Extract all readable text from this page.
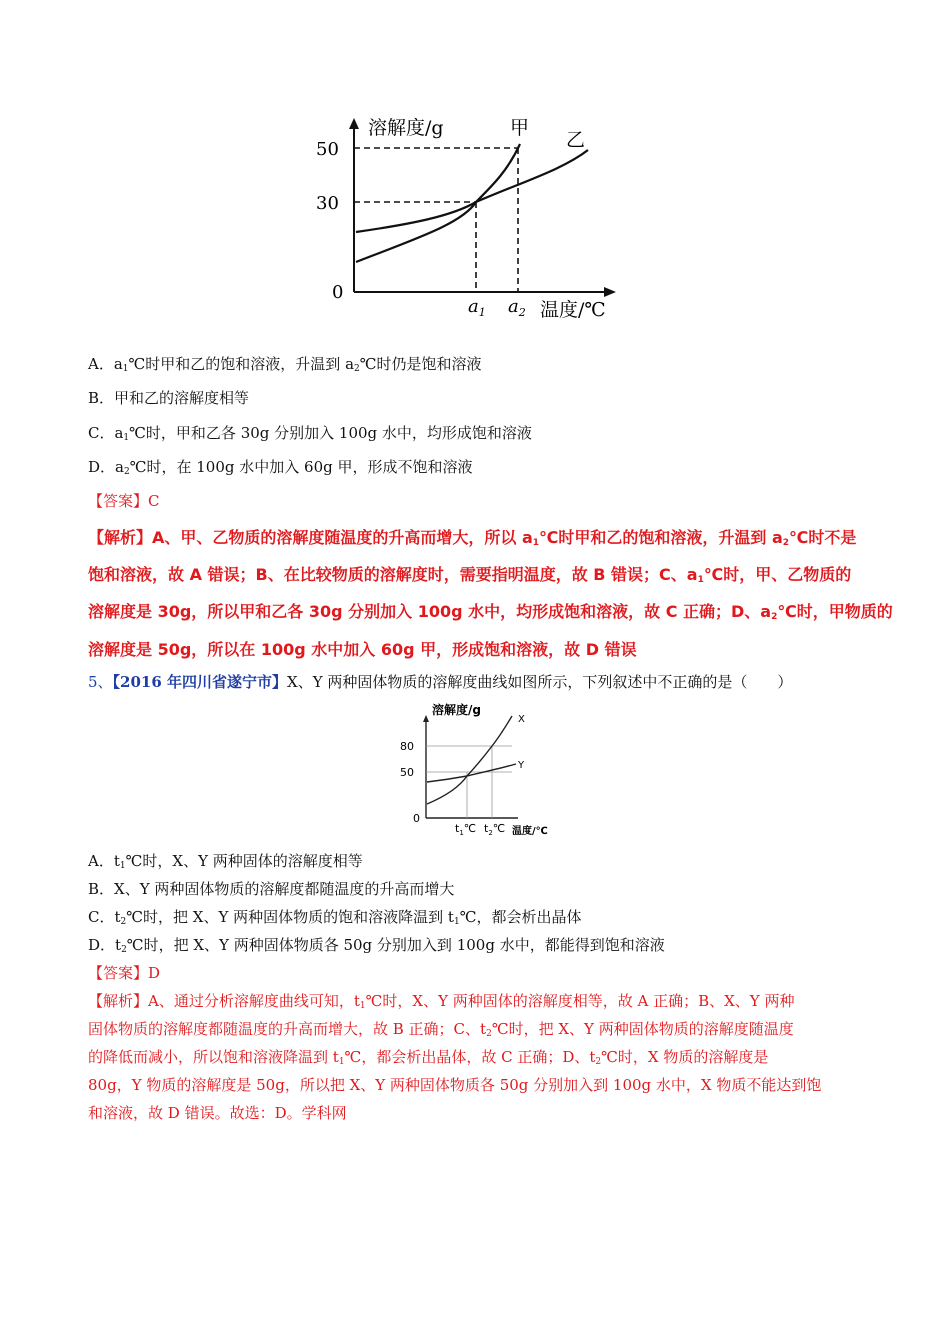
溶解度/g	甲
乙
50
30
0
$a_1$ $a_2$ 温度/℃
A．$a_1℃$时甲和乙的饱和溶液，升温到 $a_2℃$时仍是饱和溶液
B．甲和乙的溶解度相等
C．$a_1℃$时，甲和乙各 30g 分别加入 100g 水中，均形成饱和溶液
D．$a_2℃$时，在 100g 水中加入 60g 甲，形成不饱和溶液
【答案】C
【解析】A、甲、乙物质的溶解度随温度的升高而增大，所以 $a_1℃$时甲和乙的饱和溶液，升温到 $a_2℃$时不是
饱和溶液，故 A 错误；B、在比较物质的溶解度时，需要指明温度，故 B 错误；C、$a_1℃$时，甲、乙物质的
溶解度是 30g，所以甲和乙各 30g 分别加入 100g 水中，均形成饱和溶液，故 C 正确；D、$a_2℃$时，甲物质的
溶解度是 50g，所以在 100g 水中加入 60g 甲，形成饱和溶液，故 D 错误
5、【2016 年四川省遂宁市】X、Y 两种固体物质的溶解度曲线如图所示，下列叙述中不正确的是（　　）
溶解度/g
X
Y
80
50
0
$t_1℃$ $t_2℃$ 温度/℃
A．$t_1℃$时，X、Y 两种固体的溶解度相等
B．X、Y 两种固体物质的溶解度都随温度的升高而增大
C．$t_2℃$时，把 X、Y 两种固体物质的饱和溶液降温到 $t_1℃$，都会析出晶体
D．$t_2℃$时，把 X、Y 两种固体物质各 50g 分别加入到 100g 水中，都能得到饱和溶液
【答案】D
【解析】A、通过分析溶解度曲线可知，$t_1℃$时，X、Y 两种固体的溶解度相等，故 A 正确；B、X、Y 两种
固体物质的溶解度都随温度的升高而增大，故 B 正确；C、$t_2℃$时，把 X、Y 两种固体物质的溶解度随温度
的降低而减小，所以饱和溶液降温到 $t_1℃$，都会析出晶体，故 C 正确；D、$t_2℃$时，X 物质的溶解度是
80g，Y 物质的溶解度是 50g，所以把 X、Y 两种固体物质各 50g 分别加入到 100g 水中，X 物质不能达到饱
和溶液，故 D 错误。故选：D。学科网
